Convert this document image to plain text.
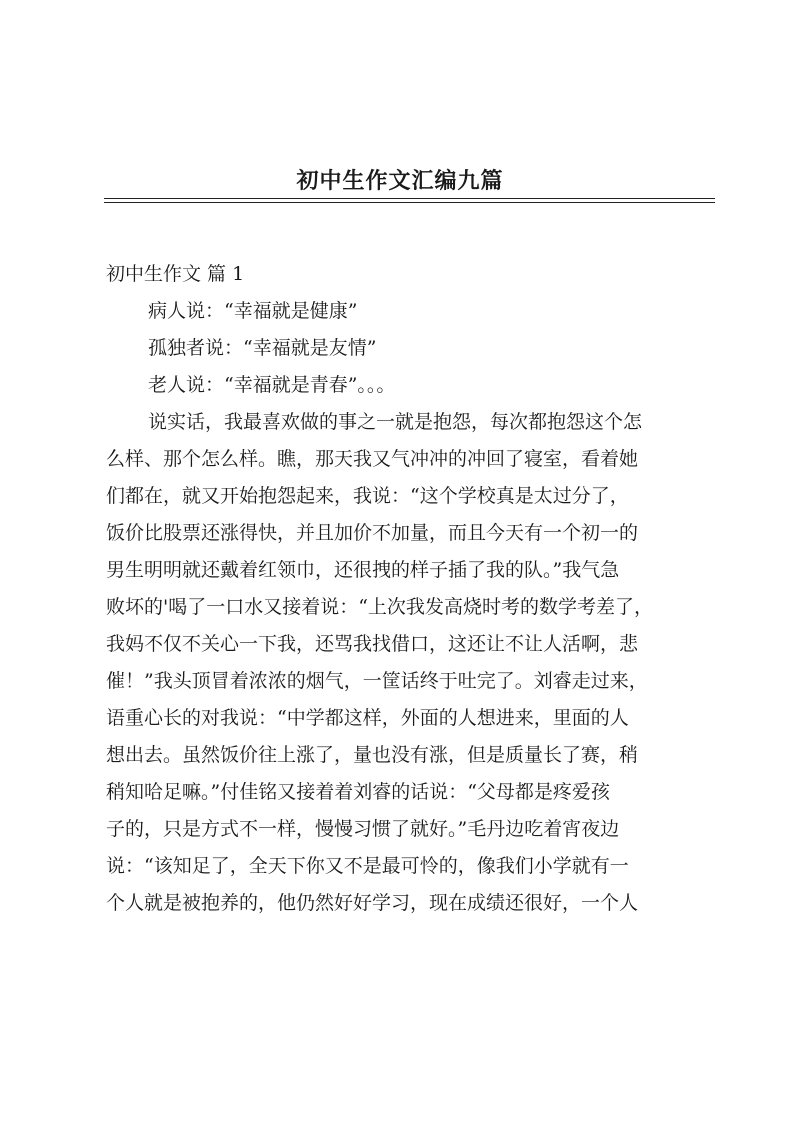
初中生作文汇编九篇

初中生作文 篇 1

病人说：“幸福就是健康”

孤独者说：“幸福就是友情”

老人说：“幸福就是青春”。。。

说实话，我最喜欢做的事之一就是抱怨，每次都抱怨这个怎

么样、那个怎么样。瞧，那天我又气冲冲的冲回了寝室，看着她

们都在，就又开始抱怨起来，我说：“这个学校真是太过分了，

饭价比股票还涨得快，并且加价不加量，而且今天有一个初一的

男生明明就还戴着红领巾，还很拽的样子插了我的队。”我气急

败坏的'喝了一口水又接着说：“上次我发高烧时考的数学考差了，

我妈不仅不关心一下我，还骂我找借口，这还让不让人活啊，悲

催！”我头顶冒着浓浓的烟气，一筐话终于吐完了。刘睿走过来，

语重心长的对我说：“中学都这样，外面的人想进来，里面的人

想出去。虽然饭价往上涨了，量也没有涨，但是质量长了赛，稍

稍知哈足嘛。”付佳铭又接着着刘睿的话说：“父母都是疼爱孩

子的，只是方式不一样，慢慢习惯了就好。”毛丹边吃着宵夜边

说：“该知足了，全天下你又不是最可怜的，像我们小学就有一

个人就是被抱养的，他仍然好好学习，现在成绩还很好，一个人
